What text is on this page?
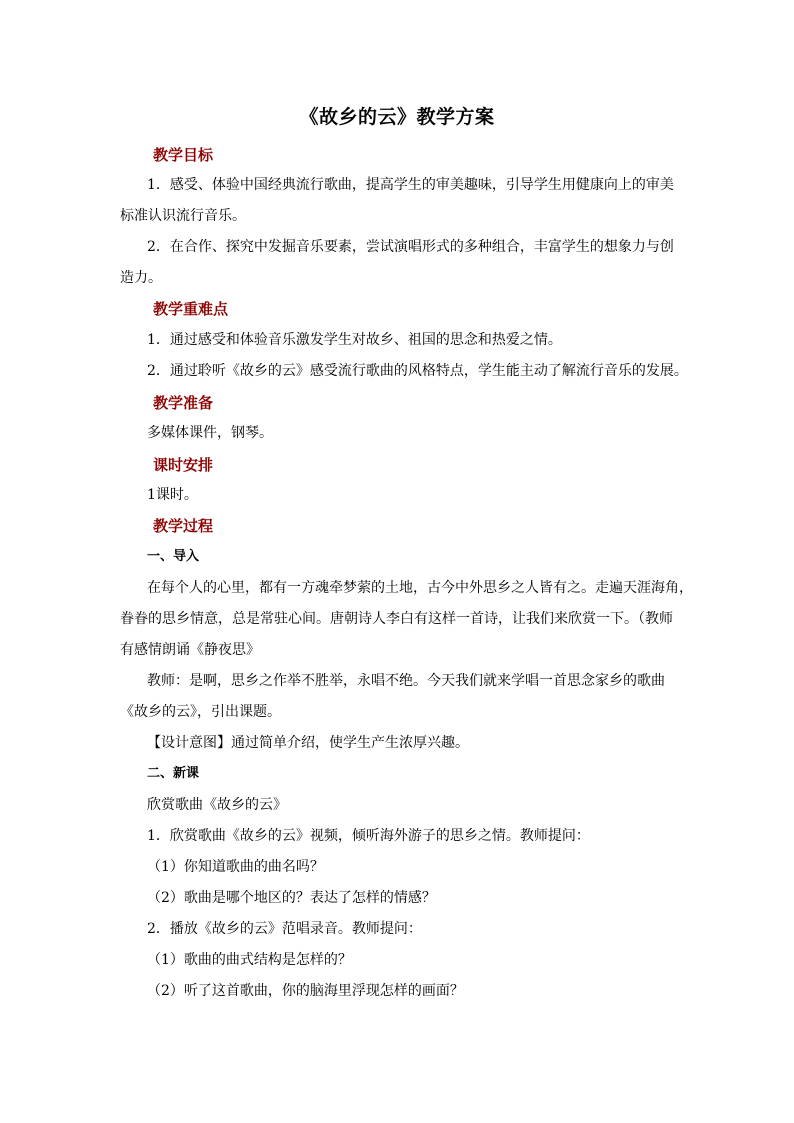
《故乡的云》教学方案
教学目标
1．感受、体验中国经典流行歌曲，提高学生的审美趣味，引导学生用健康向上的审美
标准认识流行音乐。
2．在合作、探究中发掘音乐要素，尝试演唱形式的多种组合，丰富学生的想象力与创
造力。
教学重难点
1．通过感受和体验音乐激发学生对故乡、祖国的思念和热爱之情。
2．通过聆听《故乡的云》感受流行歌曲的风格特点，学生能主动了解流行音乐的发展。
教学准备
多媒体课件，钢琴。
课时安排
1课时。
教学过程
一、导入
在每个人的心里，都有一方魂牵梦萦的土地，古今中外思乡之人皆有之。走遍天涯海角，
眷眷的思乡情意，总是常驻心间。唐朝诗人李白有这样一首诗，让我们来欣赏一下。（教师
有感情朗诵《静夜思》
教师：是啊，思乡之作举不胜举，永唱不绝。今天我们就来学唱一首思念家乡的歌曲
《故乡的云》，引出课题。
【设计意图】通过简单介绍，使学生产生浓厚兴趣。
二、新课
欣赏歌曲《故乡的云》
1．欣赏歌曲《故乡的云》视频，倾听海外游子的思乡之情。教师提问：
（1）你知道歌曲的曲名吗？
（2）歌曲是哪个地区的？表达了怎样的情感？
2．播放《故乡的云》范唱录音。教师提问：
（1）歌曲的曲式结构是怎样的？
（2）听了这首歌曲，你的脑海里浮现怎样的画面？
